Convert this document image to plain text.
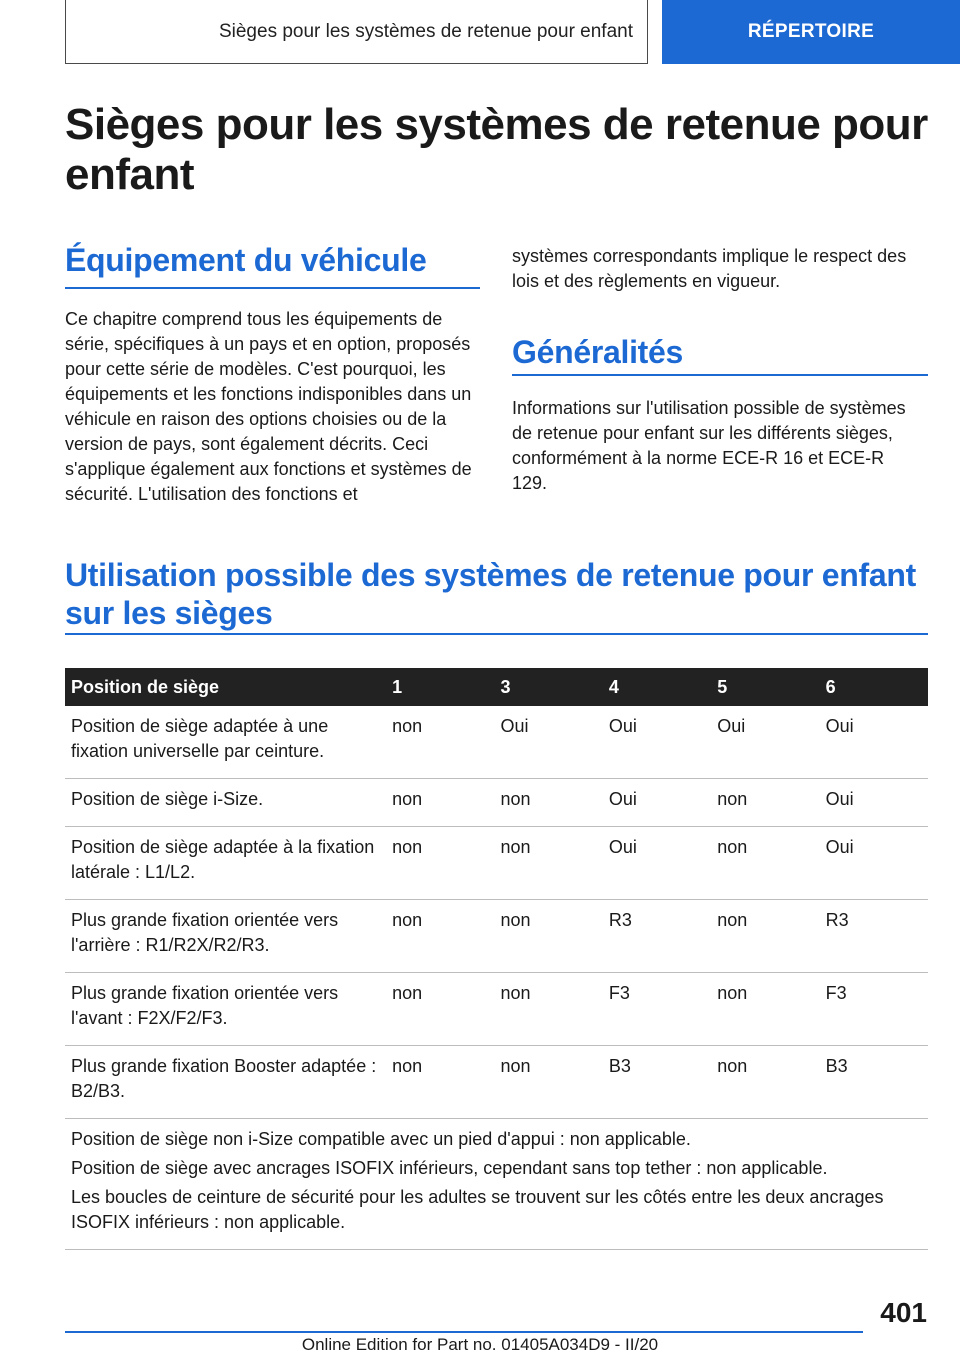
Sièges pour les systèmes de retenue pour enfant	RÉPERTOIRE
Sièges pour les systèmes de retenue pour enfant
Équipement du véhicule

Ce chapitre comprend tous les équipements de série, spécifiques à un pays et en option, proposés pour cette série de modèles. C'est pourquoi, les équipements et les fonctions indisponibles dans un véhicule en raison des options choisies ou de la version de pays, sont également décrits. Ceci s'applique également aux fonctions et systèmes de sécurité. L'utilisation des fonctions et

systèmes correspondants implique le respect des lois et des règlements en vigueur.

Généralités

Informations sur l'utilisation possible de systèmes de retenue pour enfant sur les différents sièges, conformément à la norme ECE-R 16 et ECE-R 129.

Utilisation possible des systèmes de retenue pour enfant sur les sièges
Position de siège	1	3	4	5	6
Position de siège adaptée à une fixation universelle par ceinture.	non	Oui	Oui	Oui	Oui
Position de siège i-Size.	non	non	Oui	non	Oui
Position de siège adaptée à la fixation latérale : L1/L2.	non	non	Oui	non	Oui
Plus grande fixation orientée vers l'arrière : R1/R2X/R2/R3.	non	non	R3	non	R3
Plus grande fixation orientée vers l'avant : F2X/F2/F3.	non	non	F3	non	F3
Plus grande fixation Booster adaptée : B2/B3.	non	non	B3	non	B3

Position de siège non i-Size compatible avec un pied d'appui : non applicable.
Position de siège avec ancrages ISOFIX inférieurs, cependant sans top tether : non applicable.
Les boucles de ceinture de sécurité pour les adultes se trouvent sur les côtés entre les deux ancrages ISOFIX inférieurs : non applicable.					
401
Online Edition for Part no. 01405A034D9 - II/20
